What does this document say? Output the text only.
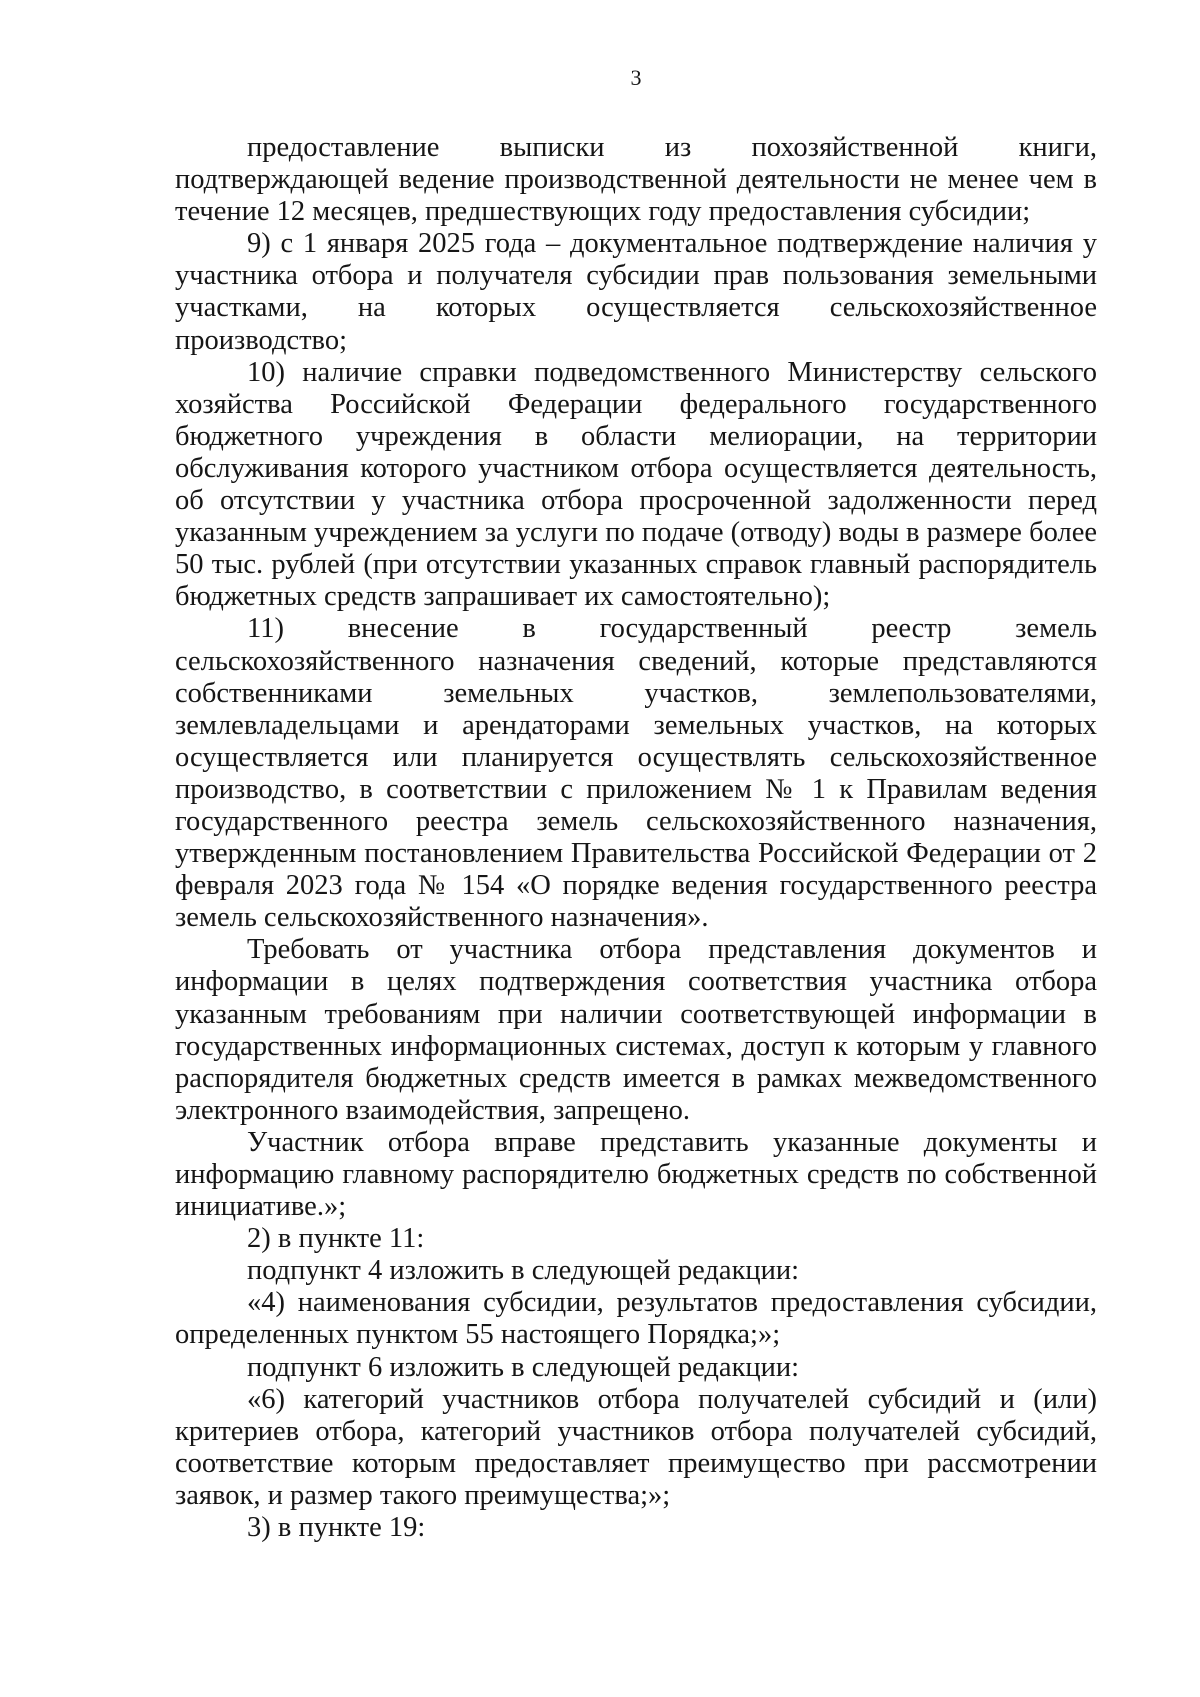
3

предоставление выписки из похозяйственной книги, подтверждающей ведение производственной деятельности не менее чем в течение 12 месяцев, предшествующих году предоставления субсидии;

9) с 1 января 2025 года – документальное подтверждение наличия у участника отбора и получателя субсидии прав пользования земельными участками, на которых осуществляется сельскохозяйственное производство;

10) наличие справки подведомственного Министерству сельского хозяйства Российской Федерации федерального государственного бюджетного учреждения в области мелиорации, на территории обслуживания которого участником отбора осуществляется деятельность, об отсутствии у участника отбора просроченной задолженности перед указанным учреждением за услуги по подаче (отводу) воды в размере более 50 тыс. рублей (при отсутствии указанных справок главный распорядитель бюджетных средств запрашивает их самостоятельно);

11) внесение в государственный реестр земель сельскохозяйственного назначения сведений, которые представляются собственниками земельных участков, землепользователями, землевладельцами и арендаторами земельных участков, на которых осуществляется или планируется осуществлять сельскохозяйственное производство, в соответствии с приложением № 1 к Правилам ведения государственного реестра земель сельскохозяйственного назначения, утвержденным постановлением Правительства Российской Федерации от 2 февраля 2023 года № 154 «О порядке ведения государственного реестра земель сельскохозяйственного назначения».

Требовать от участника отбора представления документов и информации в целях подтверждения соответствия участника отбора указанным требованиям при наличии соответствующей информации в государственных информационных системах, доступ к которым у главного распорядителя бюджетных средств имеется в рамках межведомственного электронного взаимодействия, запрещено.

Участник отбора вправе представить указанные документы и информацию главному распорядителю бюджетных средств по собственной инициативе.»;

2) в пункте 11:

подпункт 4 изложить в следующей редакции:

«4) наименования субсидии, результатов предоставления субсидии, определенных пунктом 55 настоящего Порядка;»;

подпункт 6 изложить в следующей редакции:

«6) категорий участников отбора получателей субсидий и (или) критериев отбора, категорий участников отбора получателей субсидий, соответствие которым предоставляет преимущество при рассмотрении заявок, и размер такого преимущества;»;

3) в пункте 19:
